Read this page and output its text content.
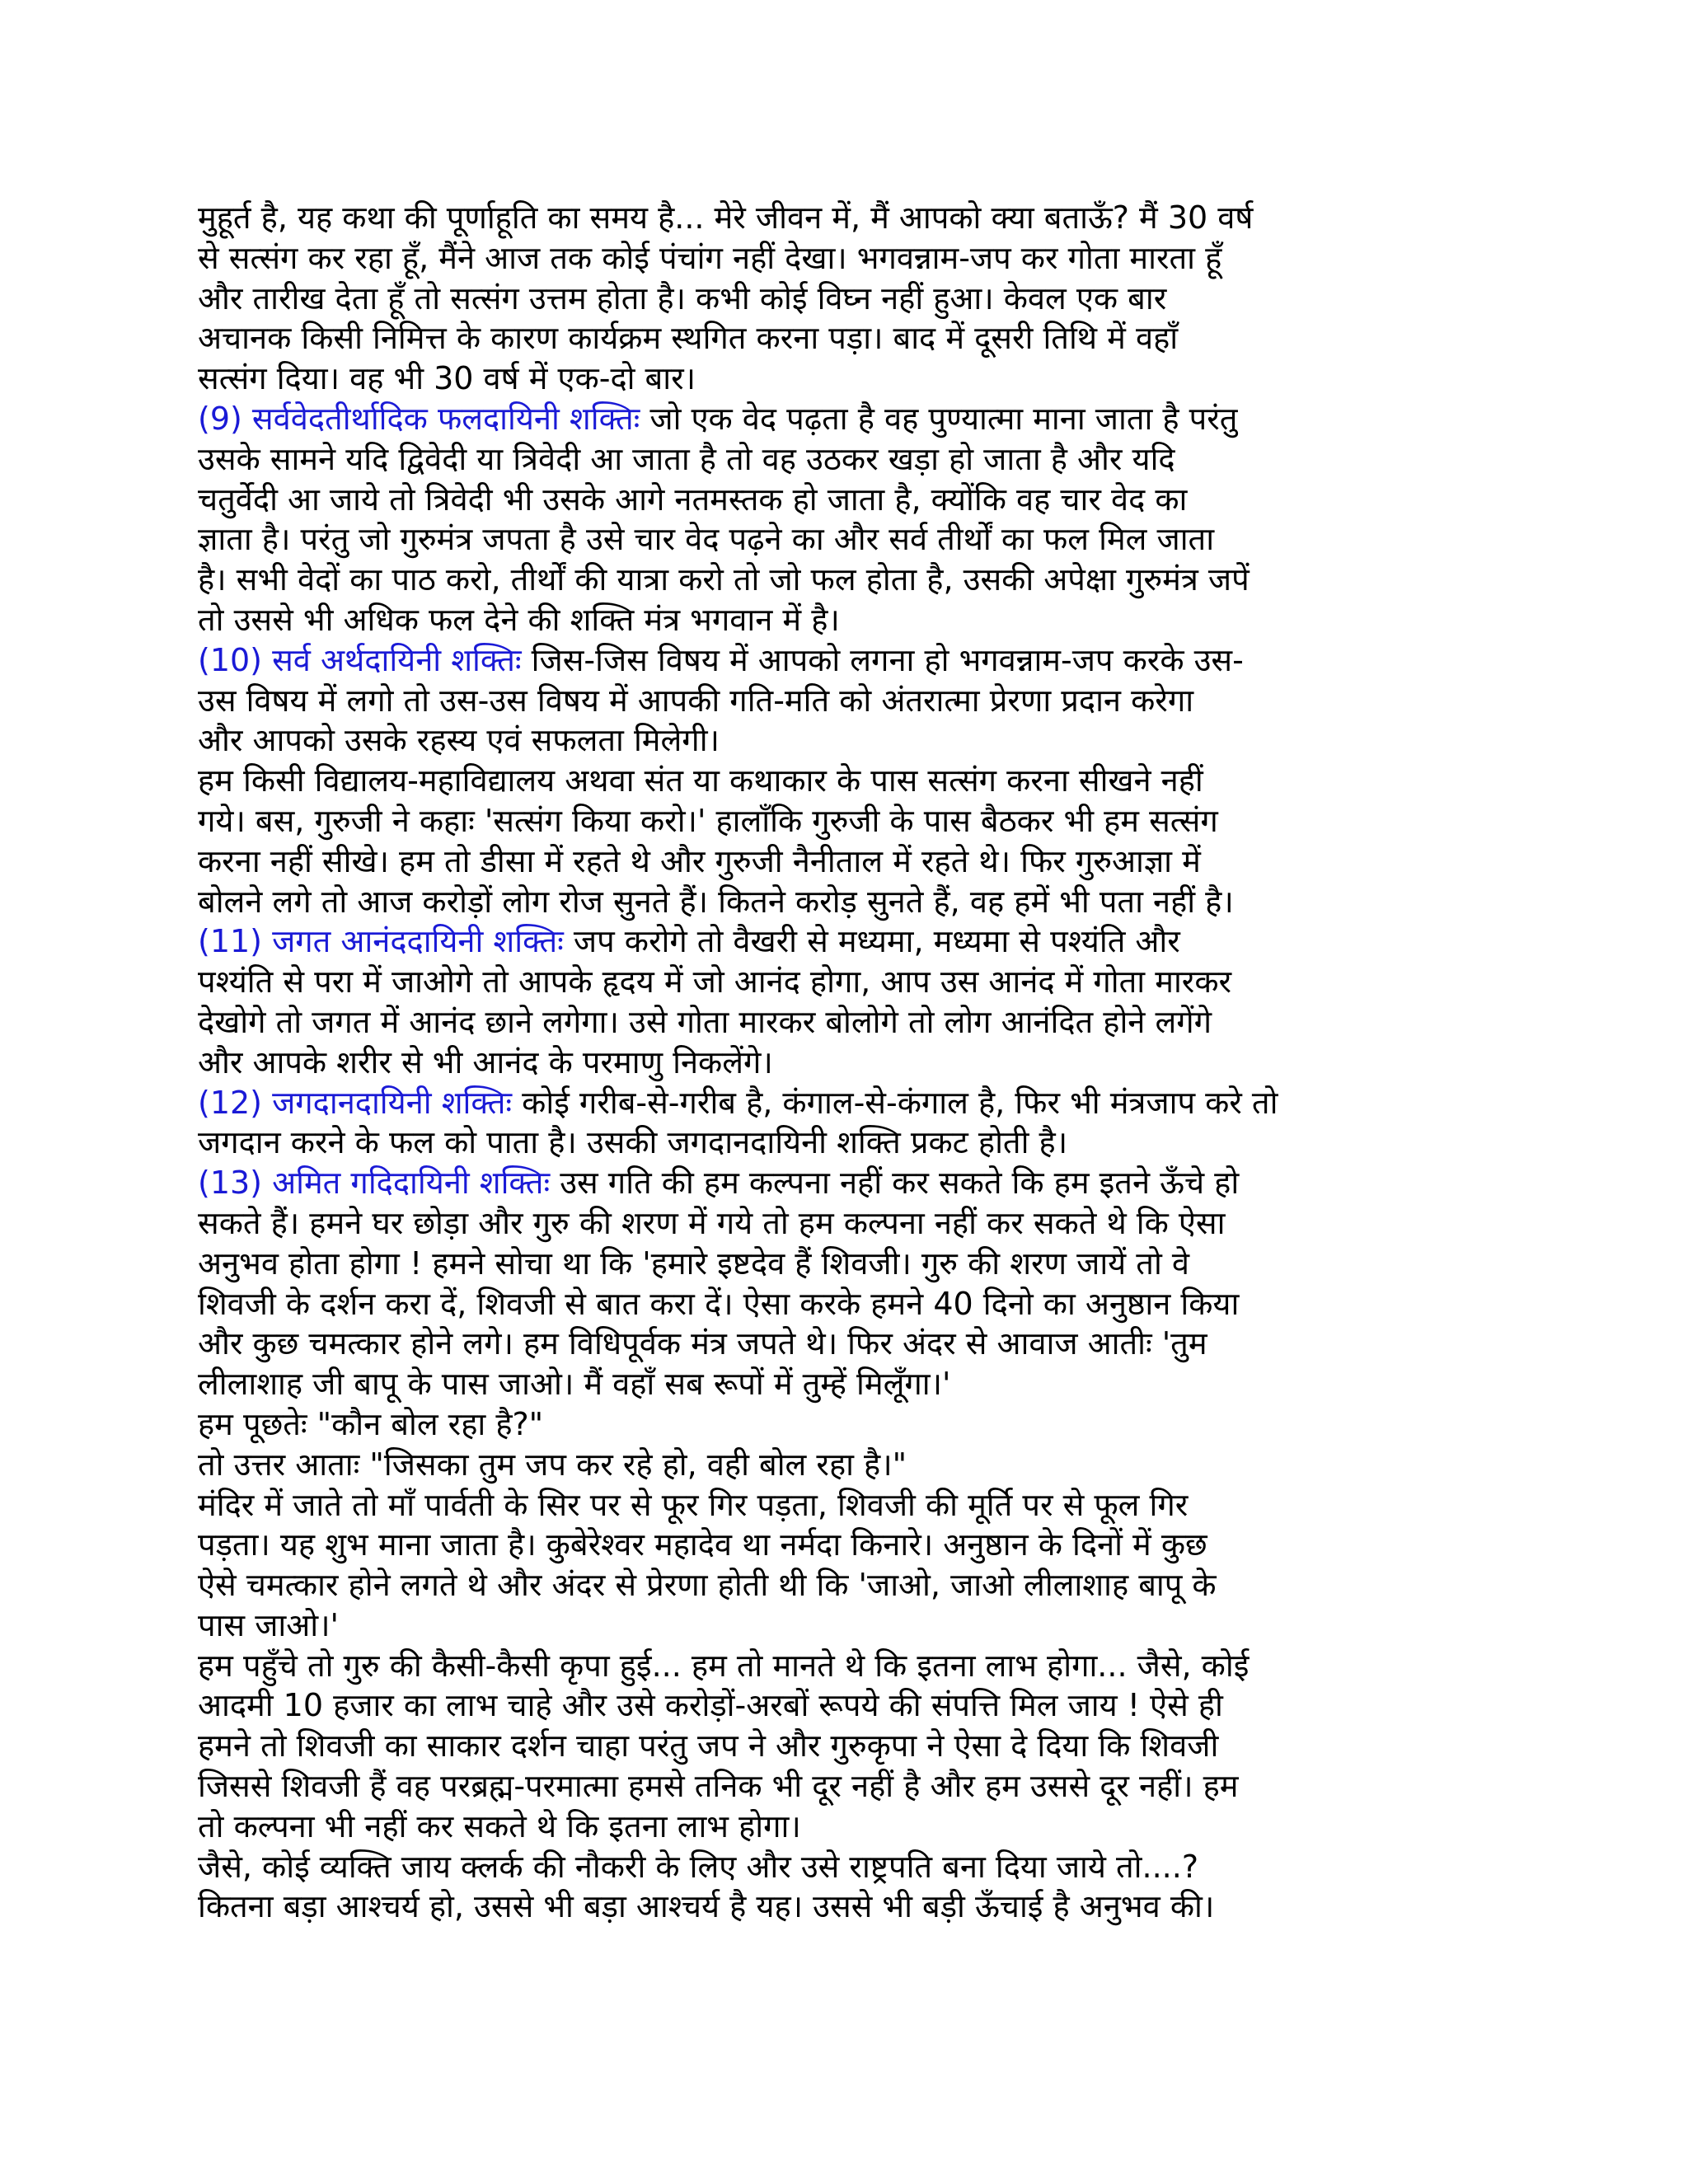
मुहूर्त है, यह कथा की पूर्णाहूति का समय है... मेरे जीवन में, मैं आपको क्या बताऊँ? मैं 30 वर्ष
से सत्संग कर रहा हूँ, मैंने आज तक कोई पंचांग नहीं देखा। भगवन्नाम-जप कर गोता मारता हूँ
और तारीख देता हूँ तो सत्संग उत्तम होता है। कभी कोई विघ्न नहीं हुआ। केवल एक बार
अचानक किसी निमित्त के कारण कार्यक्रम स्थगित करना पड़ा। बाद में दूसरी तिथि में वहाँ
सत्संग दिया। वह भी 30 वर्ष में एक-दो बार।
(9) सर्ववेदतीर्थादिक फलदायिनी शक्तिः जो एक वेद पढ़ता है वह पुण्यात्मा माना जाता है परंतु
उसके सामने यदि द्विवेदी या त्रिवेदी आ जाता है तो वह उठकर खड़ा हो जाता है और यदि
चतुर्वेदी आ जाये तो त्रिवेदी भी उसके आगे नतमस्तक हो जाता है, क्योंकि वह चार वेद का
ज्ञाता है। परंतु जो गुरुमंत्र जपता है उसे चार वेद पढ़ने का और सर्व तीर्थों का फल मिल जाता
है। सभी वेदों का पाठ करो, तीर्थों की यात्रा करो तो जो फल होता है, उसकी अपेक्षा गुरुमंत्र जपें
तो उससे भी अधिक फल देने की शक्ति मंत्र भगवान में है।
(10) सर्व अर्थदायिनी शक्तिः जिस-जिस विषय में आपको लगना हो भगवन्नाम-जप करके उस-
उस विषय में लगो तो उस-उस विषय में आपकी गति-मति को अंतरात्मा प्रेरणा प्रदान करेगा
और आपको उसके रहस्य एवं सफलता मिलेगी।
हम किसी विद्यालय-महाविद्यालय अथवा संत या कथाकार के पास सत्संग करना सीखने नहीं
गये। बस, गुरुजी ने कहाः 'सत्संग किया करो।' हालाँकि गुरुजी के पास बैठकर भी हम सत्संग
करना नहीं सीखे। हम तो डीसा में रहते थे और गुरुजी नैनीताल में रहते थे। फिर गुरुआज्ञा में
बोलने लगे तो आज करोड़ों लोग रोज सुनते हैं। कितने करोड़ सुनते हैं, वह हमें भी पता नहीं है।
(11) जगत आनंददायिनी शक्तिः जप करोगे तो वैखरी से मध्यमा, मध्यमा से पश्यंति और
पश्यंति से परा में जाओगे तो आपके हृदय में जो आनंद होगा, आप उस आनंद में गोता मारकर
देखोगे तो जगत में आनंद छाने लगेगा। उसे गोता मारकर बोलोगे तो लोग आनंदित होने लगेंगे
और आपके शरीर से भी आनंद के परमाणु निकलेंगे।
(12) जगदानदायिनी शक्तिः कोई गरीब-से-गरीब है, कंगाल-से-कंगाल है, फिर भी मंत्रजाप करे तो
जगदान करने के फल को पाता है। उसकी जगदानदायिनी शक्ति प्रकट होती है।
(13) अमित गदिदायिनी शक्तिः उस गति की हम कल्पना नहीं कर सकते कि हम इतने ऊँचे हो
सकते हैं। हमने घर छोड़ा और गुरु की शरण में गये तो हम कल्पना नहीं कर सकते थे कि ऐसा
अनुभव होता होगा ! हमने सोचा था कि 'हमारे इष्टदेव हैं शिवजी। गुरु की शरण जायें तो वे
शिवजी के दर्शन करा दें, शिवजी से बात करा दें। ऐसा करके हमने 40 दिनो का अनुष्ठान किया
और कुछ चमत्कार होने लगे। हम विधिपूर्वक मंत्र जपते थे। फिर अंदर से आवाज आतीः 'तुम
लीलाशाह जी बापू के पास जाओ। मैं वहाँ सब रूपों में तुम्हें मिलूँगा।'
हम पूछतेः "कौन बोल रहा है?"
तो उत्तर आताः "जिसका तुम जप कर रहे हो, वही बोल रहा है।"
मंदिर में जाते तो माँ पार्वती के सिर पर से फूर गिर पड़ता, शिवजी की मूर्ति पर से फूल गिर
पड़ता। यह शुभ माना जाता है। कुबेरेश्वर महादेव था नर्मदा किनारे। अनुष्ठान के दिनों में कुछ
ऐसे चमत्कार होने लगते थे और अंदर से प्रेरणा होती थी कि 'जाओ, जाओ लीलाशाह बापू के
पास जाओ।'
हम पहुँचे तो गुरु की कैसी-कैसी कृपा हुई... हम तो मानते थे कि इतना लाभ होगा... जैसे, कोई
आदमी 10 हजार का लाभ चाहे और उसे करोड़ों-अरबों रूपये की संपत्ति मिल जाय ! ऐसे ही
हमने तो शिवजी का साकार दर्शन चाहा परंतु जप ने और गुरुकृपा ने ऐसा दे दिया कि शिवजी
जिससे शिवजी हैं वह परब्रह्म-परमात्मा हमसे तनिक भी दूर नहीं है और हम उससे दूर नहीं। हम
तो कल्पना भी नहीं कर सकते थे कि इतना लाभ होगा।
जैसे, कोई व्यक्ति जाय क्लर्क की नौकरी के लिए और उसे राष्ट्रपति बना दिया जाये तो....?
कितना बड़ा आश्चर्य हो, उससे भी बड़ा आश्चर्य है यह। उससे भी बड़ी ऊँचाई है अनुभव की।
